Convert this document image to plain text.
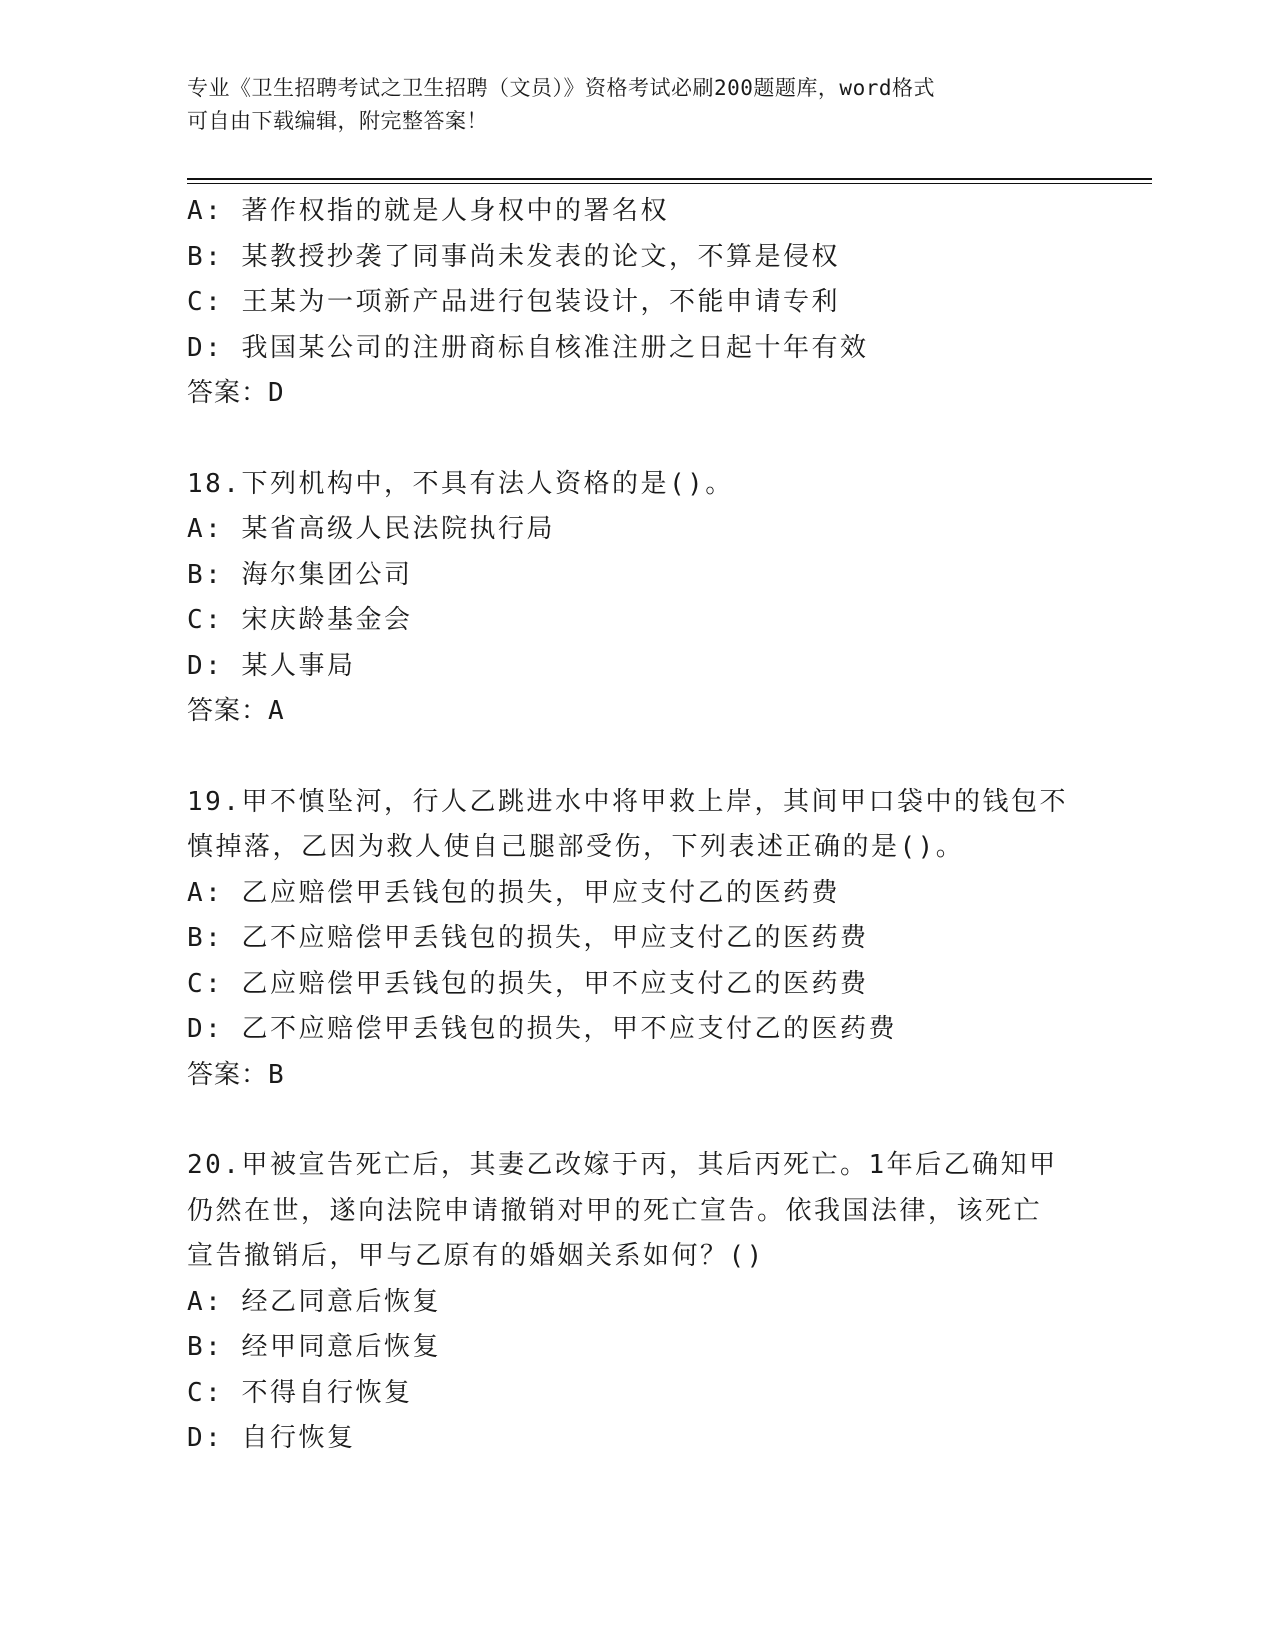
专业《卫生招聘考试之卫生招聘（文员）》资格考试必刷200题题库，word格式
可自由下载编辑，附完整答案！
A: 著作权指的就是人身权中的署名权
B: 某教授抄袭了同事尚未发表的论文，不算是侵权
C: 王某为一项新产品进行包装设计，不能申请专利
D: 我国某公司的注册商标自核准注册之日起十年有效
答案：D
18.下列机构中，不具有法人资格的是()。
A: 某省高级人民法院执行局
B: 海尔集团公司
C: 宋庆龄基金会
D: 某人事局
答案：A
19.甲不慎坠河，行人乙跳进水中将甲救上岸，其间甲口袋中的钱包不
慎掉落，乙因为救人使自己腿部受伤，下列表述正确的是()。
A: 乙应赔偿甲丢钱包的损失，甲应支付乙的医药费
B: 乙不应赔偿甲丢钱包的损失，甲应支付乙的医药费
C: 乙应赔偿甲丢钱包的损失，甲不应支付乙的医药费
D: 乙不应赔偿甲丢钱包的损失，甲不应支付乙的医药费
答案：B
20.甲被宣告死亡后，其妻乙改嫁于丙，其后丙死亡。1年后乙确知甲
仍然在世，遂向法院申请撤销对甲的死亡宣告。依我国法律，该死亡
宣告撤销后，甲与乙原有的婚姻关系如何？()
A: 经乙同意后恢复
B: 经甲同意后恢复
C: 不得自行恢复
D: 自行恢复
